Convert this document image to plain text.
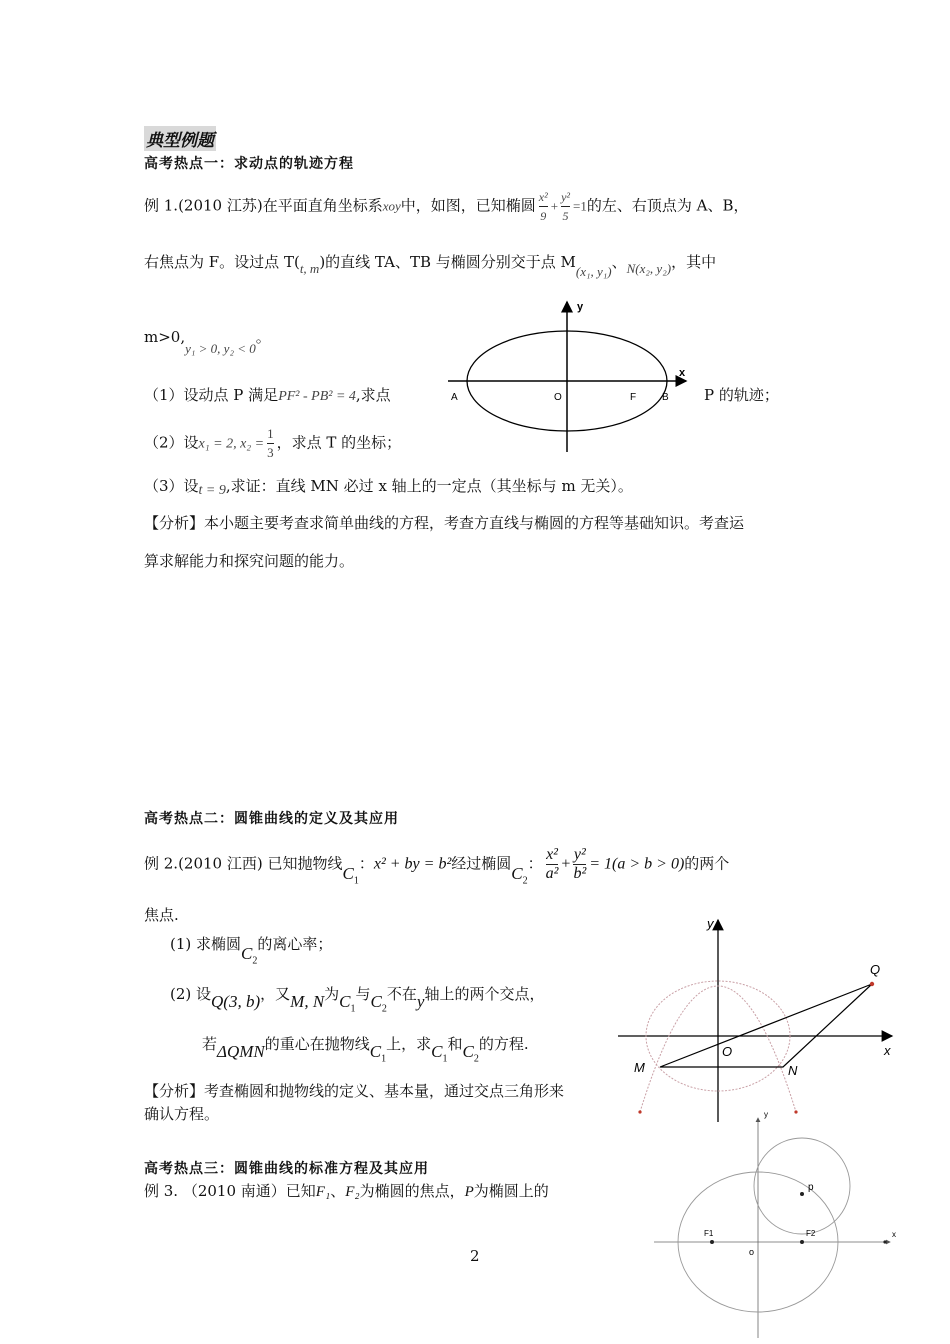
典型例题
高考热点一：求动点的轨迹方程
例 1.(2010 江苏)在平面直角坐标系xoy中，如图，已知椭圆 $\frac{\text{x²}}{9} + \frac{\text{y²}}{5} =1$的左、右顶点为 A、B，
右焦点为 F。设过点 T(t, m)的直线 TA、TB 与椭圆分别交于点 M(x₁, y₁)、N(x₂, y₂)，其中
m>0,y₁ > 0, y₂ < 0。
（1）设动点 P 满足PF² - PB² = 4,求点	P 的轨迹；
（2）设x₁ = 2, $x_2 = \frac{1}{3}$ ，求点 T 的坐标；
（3）设t = 9,求证：直线 MN 必过 x 轴上的一定点（其坐标与 m 无关）。
【分析】本小题主要考查求简单曲线的方程，考查方直线与椭圆的方程等基础知识。考查运
算求解能力和探究问题的能力。
y
x
A	O	F	B
高考热点二：圆锥曲线的定义及其应用
例 2.(2010 江西) 已知抛物线$C_1$：x² + by = b²经过椭圆$C_2$： $\frac{\text{x²}}{\text{a²}} + \frac{\text{y²}}{\text{b²}} = 1(a > b > 0)$的两个
焦点.
(1) 求椭圆$C_2$的离心率；
(2) 设Q(3, b)，又M, N为$C_1$与$C_2$不在y轴上的两个交点，
若ΔQMN的重心在抛物线$C_1$上，求$C_1$和$C_2$的方程.
【分析】考查椭圆和抛物线的定义、基本量，通过交点三角形来
确认方程。
y
x
Q
O
M	N
高考热点三：圆锥曲线的标准方程及其应用
例 3. （2010 南通）已知F₁、F₂为椭圆的焦点，P为椭圆上的
y
x
p
F1	F2
o
2
